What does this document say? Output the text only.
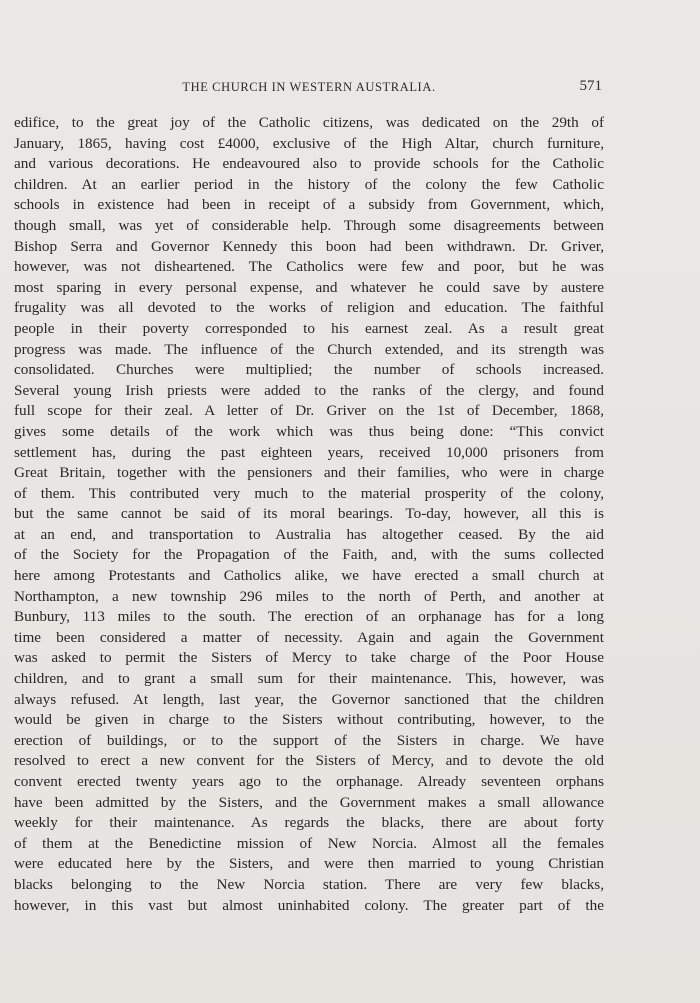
THE CHURCH IN WESTERN AUSTRALIA.	571
edifice, to the great joy of the Catholic citizens, was dedicated on the 29th of
January, 1865, having cost £4000, exclusive of the High Altar, church furniture,
and various decorations. He endeavoured also to provide schools for the Catholic
children. At an earlier period in the history of the colony the few Catholic
schools in existence had been in receipt of a subsidy from Government, which,
though small, was yet of considerable help. Through some disagreements between
Bishop Serra and Governor Kennedy this boon had been withdrawn. Dr. Griver,
however, was not disheartened. The Catholics were few and poor, but he was
most sparing in every personal expense, and whatever he could save by austere
frugality was all devoted to the works of religion and education. The faithful
people in their poverty corresponded to his earnest zeal. As a result great
progress was made. The influence of the Church extended, and its strength was
consolidated. Churches were multiplied; the number of schools increased.
Several young Irish priests were added to the ranks of the clergy, and found
full scope for their zeal. A letter of Dr. Griver on the 1st of December, 1868,
gives some details of the work which was thus being done: “This convict
settlement has, during the past eighteen years, received 10,000 prisoners from
Great Britain, together with the pensioners and their families, who were in charge
of them. This contributed very much to the material prosperity of the colony,
but the same cannot be said of its moral bearings. To-day, however, all this is
at an end, and transportation to Australia has altogether ceased. By the aid
of the Society for the Propagation of the Faith, and, with the sums collected
here among Protestants and Catholics alike, we have erected a small church at
Northampton, a new township 296 miles to the north of Perth, and another at
Bunbury, 113 miles to the south. The erection of an orphanage has for a long
time been considered a matter of necessity. Again and again the Government
was asked to permit the Sisters of Mercy to take charge of the Poor House
children, and to grant a small sum for their maintenance. This, however, was
always refused. At length, last year, the Governor sanctioned that the children
would be given in charge to the Sisters without contributing, however, to the
erection of buildings, or to the support of the Sisters in charge. We have
resolved to erect a new convent for the Sisters of Mercy, and to devote the old
convent erected twenty years ago to the orphanage. Already seventeen orphans
have been admitted by the Sisters, and the Government makes a small allowance
weekly for their maintenance. As regards the blacks, there are about forty
of them at the Benedictine mission of New Norcia. Almost all the females
were educated here by the Sisters, and were then married to young Christian
blacks belonging to the New Norcia station. There are very few blacks,
however, in this vast but almost uninhabited colony. The greater part of the
